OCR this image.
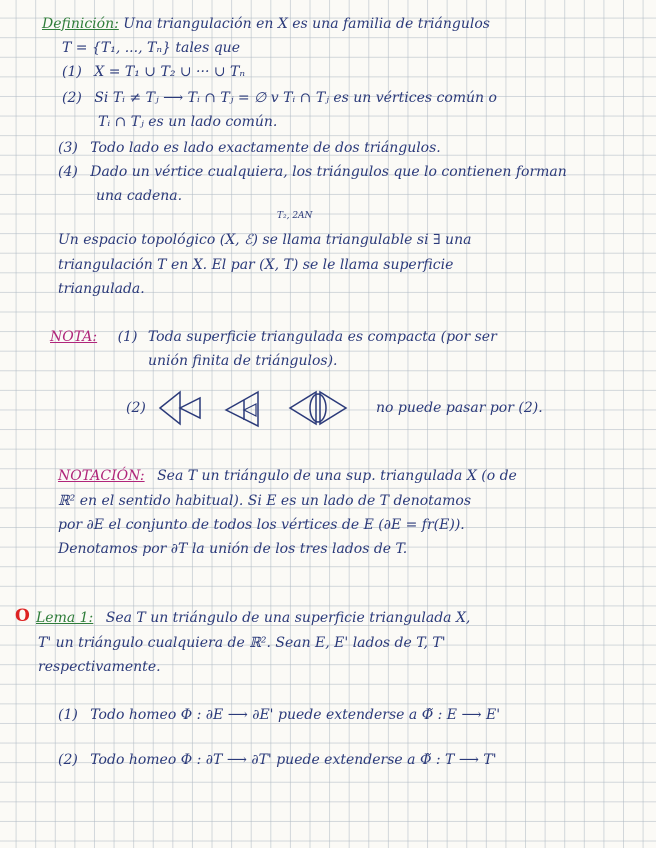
Definición: Una triangulación en X es una familia de triángulos
T = {T₁, ..., Tₙ} tales que
(1) X = T₁ ∪ T₂ ∪ ··· ∪ Tₙ
(2) Si Tᵢ ≠ Tⱼ ⟶ Tᵢ ∩ Tⱼ = ∅ v Tᵢ ∩ Tⱼ es un vértices común o
Tᵢ ∩ Tⱼ es un lado común.
(3) Todo lado es lado exactamente de dos triángulos.
(4) Dado un vértice cualquiera, los triángulos que lo contienen forman
una cadena.
T₂, 2AN
Un espacio topológico (X, ℰ) se llama triangulable si ∃ una
triangulación T en X. El par (X, T) se le llama superficie
triangulada.
NOTA: (1) Toda superficie triangulada es compacta (por ser
unión finita de triángulos).
(2)	no puede pasar por (2).
NOTACIÓN: Sea T un triángulo de una sup. triangulada X (o de
ℝ² en el sentido habitual). Si E es un lado de T denotamos
por ∂E el conjunto de todos los vértices de E (∂E = fr(E)).
Denotamos por ∂T la unión de los tres lados de T.
O Lema 1: Sea T un triángulo de una superficie triangulada X,
T' un triángulo cualquiera de ℝ². Sean E, E' lados de T, T'
respectivamente.
(1) Todo homeo Φ : ∂E ⟶ ∂E' puede extenderse a Φ̃ : E ⟶ E'
(2) Todo homeo Φ : ∂T ⟶ ∂T' puede extenderse a Φ̃ : T ⟶ T'
